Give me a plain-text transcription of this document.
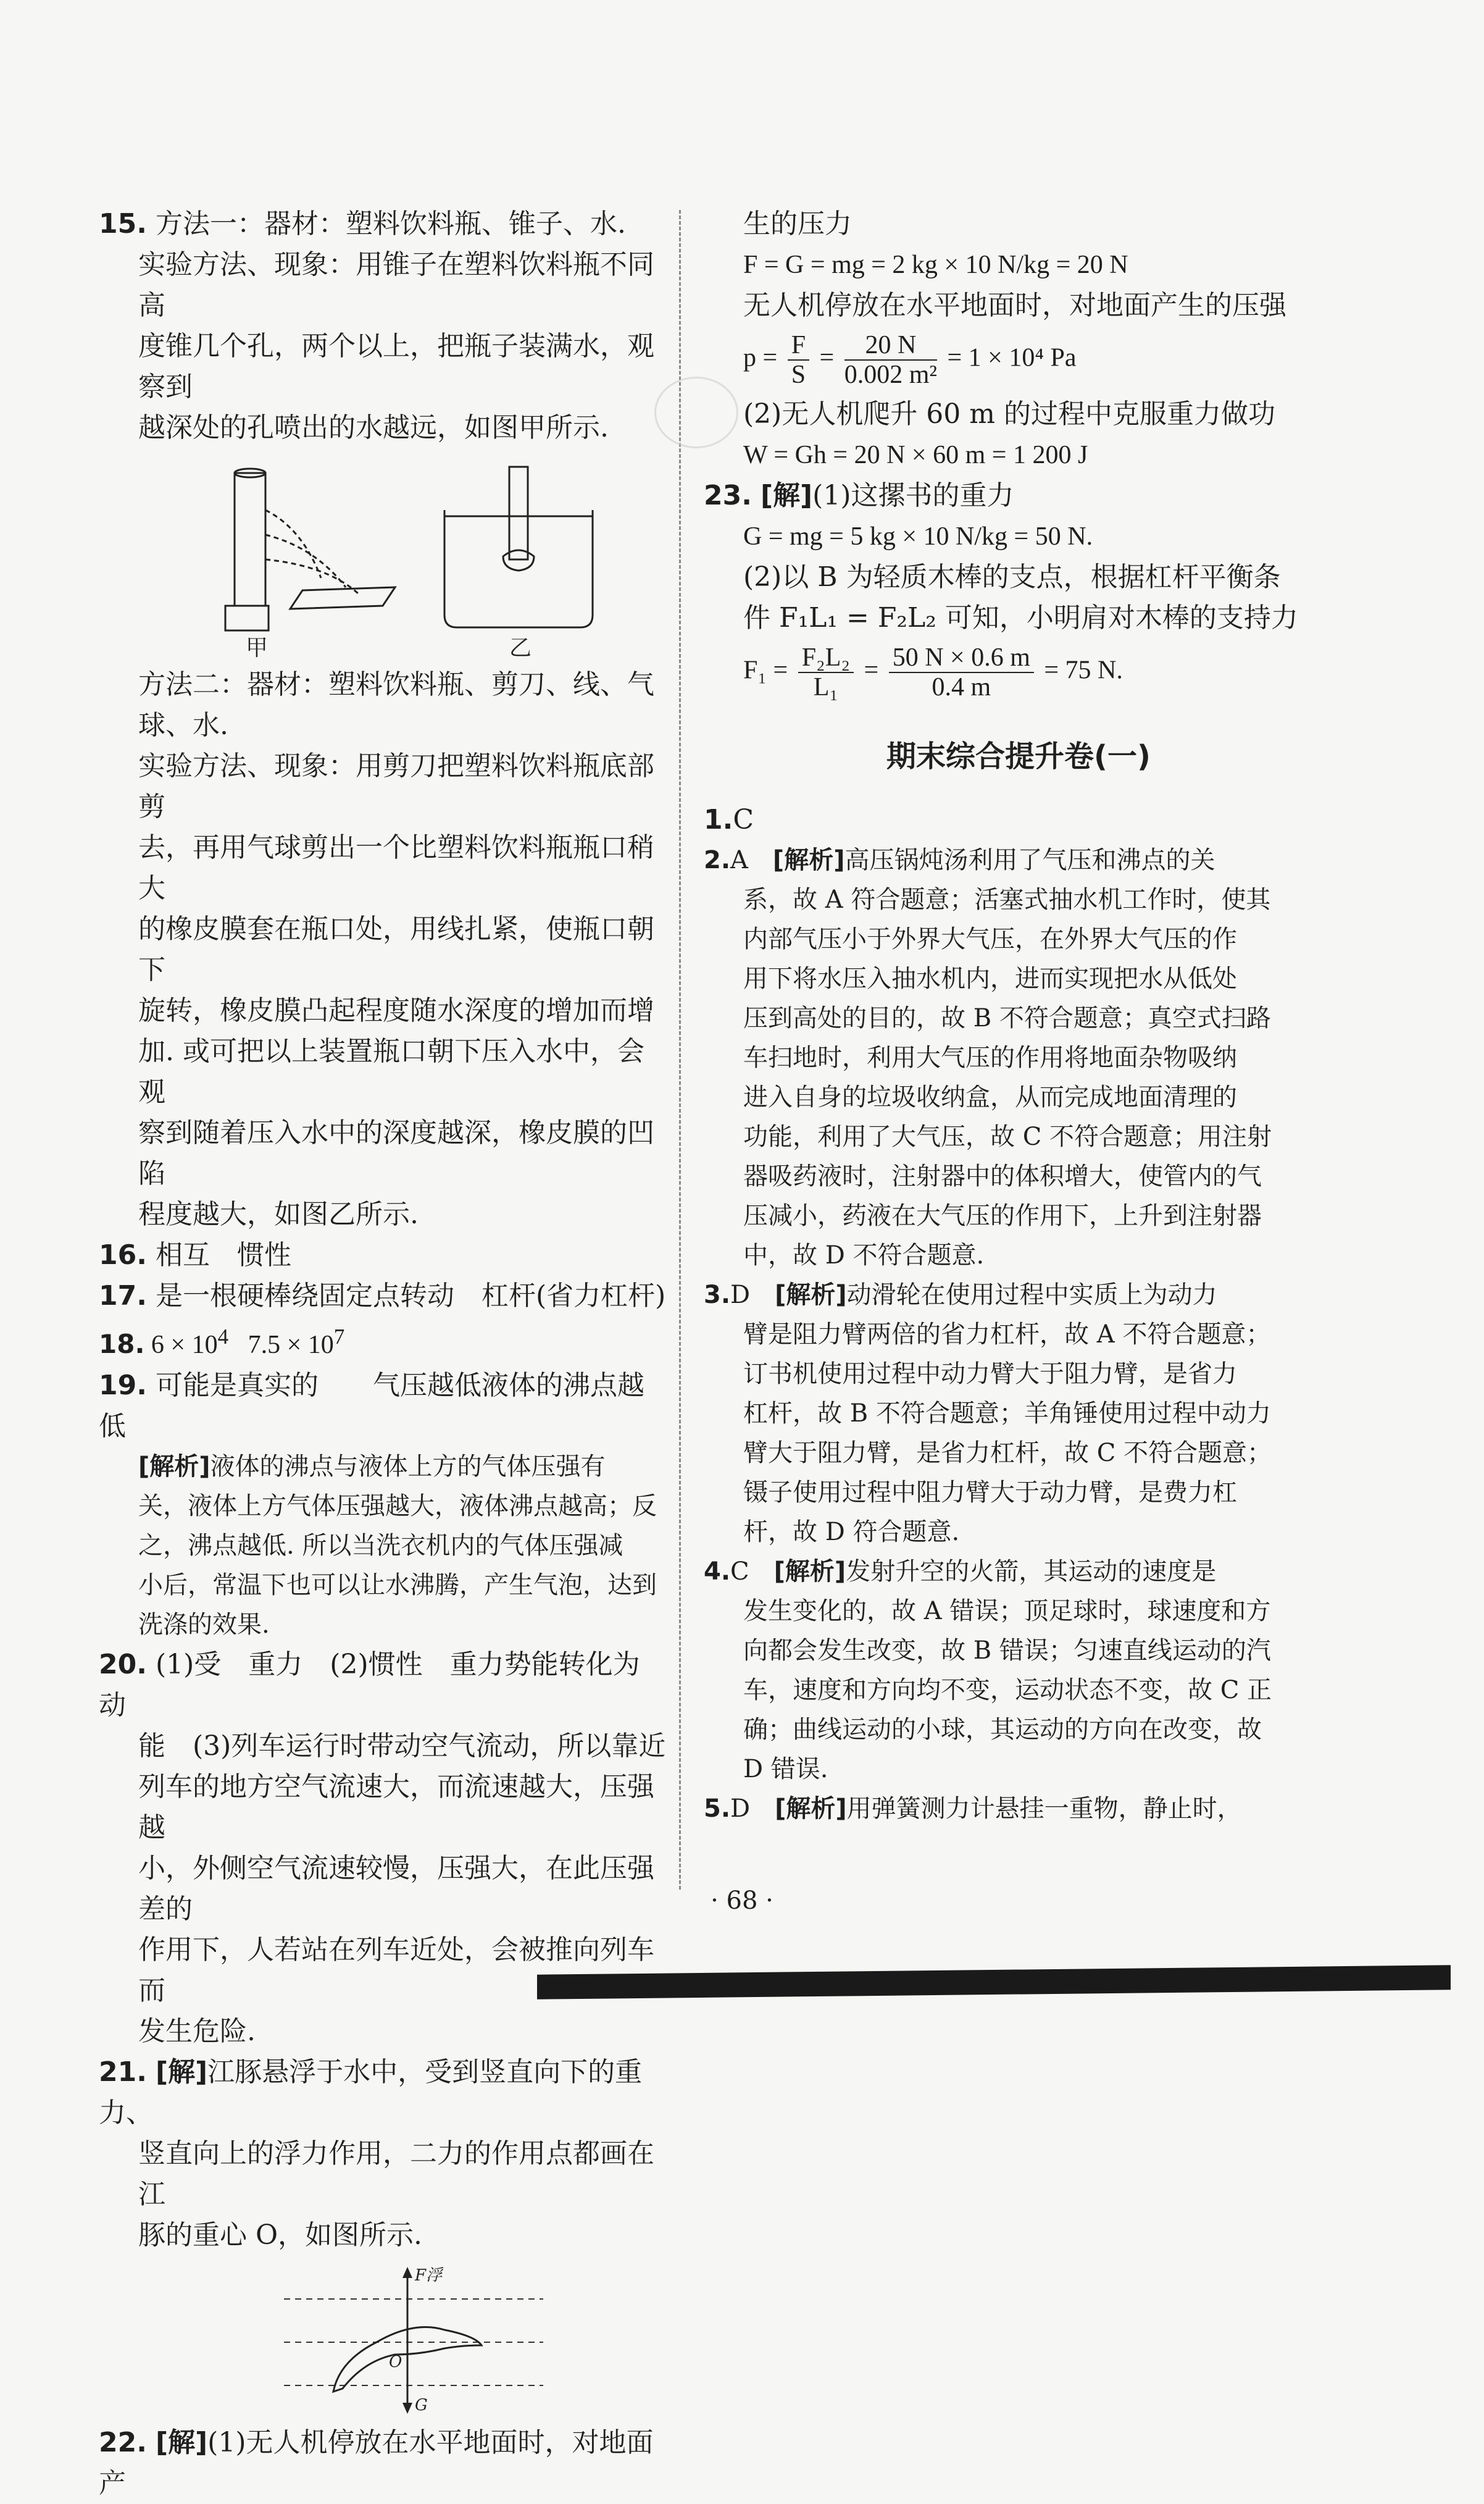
15. 方法一：器材：塑料饮料瓶、锥子、水.

实验方法、现象：用锥子在塑料饮料瓶不同高

度锥几个孔，两个以上，把瓶子装满水，观察到

越深处的孔喷出的水越远，如图甲所示.

甲	乙

方法二：器材：塑料饮料瓶、剪刀、线、气球、水.

实验方法、现象：用剪刀把塑料饮料瓶底部剪

去，再用气球剪出一个比塑料饮料瓶瓶口稍大

的橡皮膜套在瓶口处，用线扎紧，使瓶口朝下

旋转，橡皮膜凸起程度随水深度的增加而增

加. 或可把以上装置瓶口朝下压入水中，会观

察到随着压入水中的深度越深，橡皮膜的凹陷

程度越大，如图乙所示.

16. 相互　惯性

17. 是一根硬棒绕固定点转动　杠杆(省力杠杆)

18. $6 \times 10^4$ $7.5 \times 10^7$

19. 可能是真实的　　气压越低液体的沸点越低

[解析]液体的沸点与液体上方的气体压强有

关，液体上方气体压强越大，液体沸点越高；反

之，沸点越低. 所以当洗衣机内的气体压强减

小后，常温下也可以让水沸腾，产生气泡，达到

洗涤的效果.

20. (1)受　重力　(2)惯性　重力势能转化为动

能　(3)列车运行时带动空气流动，所以靠近

列车的地方空气流速大，而流速越大，压强越

小，外侧空气流速较慢，压强大，在此压强差的

作用下，人若站在列车近处，会被推向列车而

发生危险.

21. [解]江豚悬浮于水中，受到竖直向下的重力、

竖直向上的浮力作用，二力的作用点都画在江

豚的重心 O，如图所示.

F浮
O
G

22. [解](1)无人机停放在水平地面时，对地面产

生的压力

F = G = mg = 2 kg × 10 N/kg = 20 N

无人机停放在水平地面时，对地面产生的压强

$p = \frac{F}{S} = \frac{20 N}{\text{0.002 m²}} = 1 \times 10^4$ Pa

(2)无人机爬升 60 m 的过程中克服重力做功

W = Gh = 20 N × 60 m = 1 200 J

23. [解](1)这摞书的重力

G = mg = 5 kg × 10 N/kg = 50 N.

(2)以 B 为轻质木棒的支点，根据杠杆平衡条

件 F₁L₁ = F₂L₂ 可知，小明肩对木棒的支持力

$F_1 = \frac{\text{F₂L₂}}{\text{L₁}} = \frac{50 N \times 0.6 m}{0.4 m} = 75$ N.
期末综合提升卷(一)

1.C

2.A　 [解析]高压锅炖汤利用了气压和沸点的关

系，故 A 符合题意；活塞式抽水机工作时，使其

内部气压小于外界大气压，在外界大气压的作

用下将水压入抽水机内，进而实现把水从低处

压到高处的目的，故 B 不符合题意；真空式扫路

车扫地时，利用大气压的作用将地面杂物吸纳

进入自身的垃圾收纳盒，从而完成地面清理的

功能，利用了大气压，故 C 不符合题意；用注射

器吸药液时，注射器中的体积增大，使管内的气

压减小，药液在大气压的作用下，上升到注射器

中，故 D 不符合题意.

3.D　 [解析]动滑轮在使用过程中实质上为动力

臂是阻力臂两倍的省力杠杆，故 A 不符合题意；

订书机使用过程中动力臂大于阻力臂，是省力

杠杆，故 B 不符合题意；羊角锤使用过程中动力

臂大于阻力臂，是省力杠杆，故 C 不符合题意；

镊子使用过程中阻力臂大于动力臂，是费力杠

杆，故 D 符合题意.

4.C　 [解析]发射升空的火箭，其运动的速度是

发生变化的，故 A 错误；顶足球时，球速度和方

向都会发生改变，故 B 错误；匀速直线运动的汽

车，速度和方向均不变，运动状态不变，故 C 正

确；曲线运动的小球，其运动的方向在改变，故

D 错误.

5.D　 [解析]用弹簧测力计悬挂一重物，静止时，

· 68 ·
